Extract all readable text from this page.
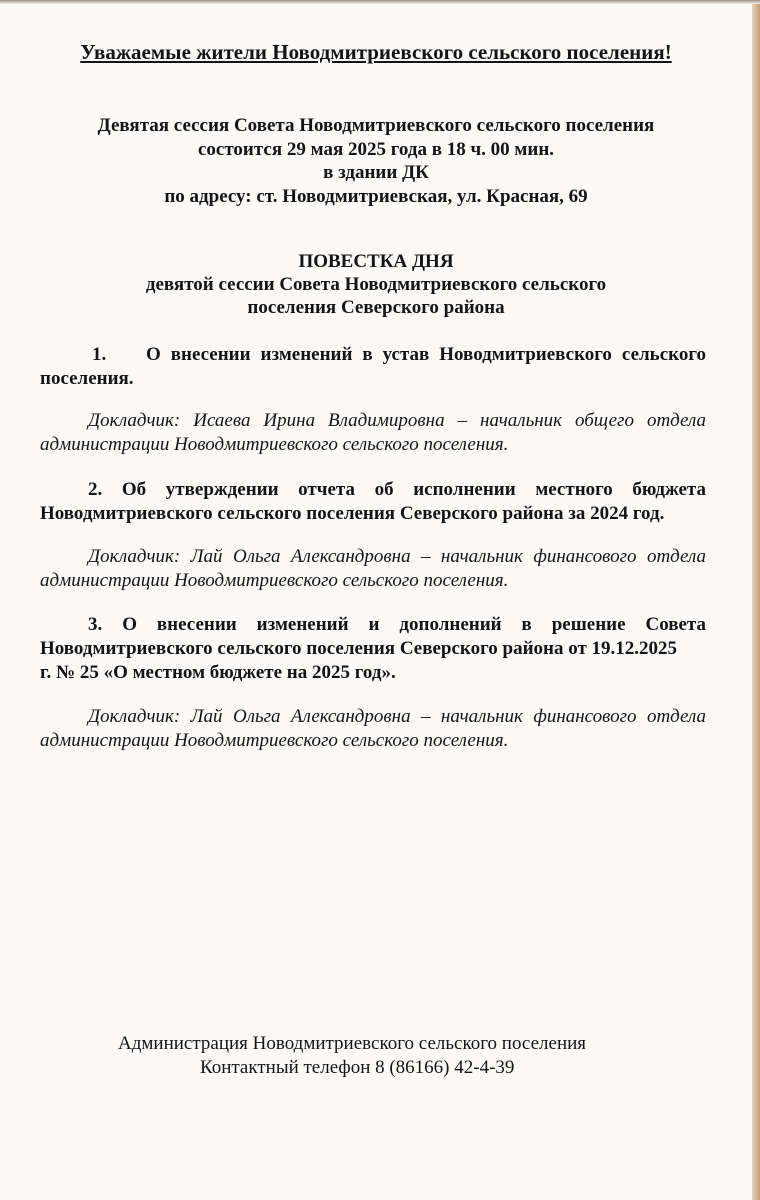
Уважаемые жители Новодмитриевского сельского поселения!
Девятая сессия Совета Новодмитриевского сельского поселения
состоится 29 мая 2025 года в 18 ч. 00 мин.
в здании ДК
по адресу: ст. Новодмитриевская, ул. Красная, 69
ПОВЕСТКА ДНЯ
девятой сессии Совета Новодмитриевского сельского
поселения Северского района
1. О внесении изменений в устав Новодмитриевского сельского
поселения.
Докладчик: Исаева Ирина Владимировна – начальник общего отдела
администрации Новодмитриевского сельского поселения.
2. Об утверждении отчета об исполнении местного бюджета
Новодмитриевского сельского поселения Северского района за 2024 год.
Докладчик: Лай Ольга Александровна – начальник финансового отдела
администрации Новодмитриевского сельского поселения.
3. О внесении изменений и дополнений в решение Совета
Новодмитриевского сельского поселения Северского района от 19.12.2025
г. № 25 «О местном бюджете на 2025 год».
Докладчик: Лай Ольга Александровна – начальник финансового отдела
администрации Новодмитриевского сельского поселения.
Администрация Новодмитриевского сельского поселения
Контактный телефон 8 (86166) 42-4-39
